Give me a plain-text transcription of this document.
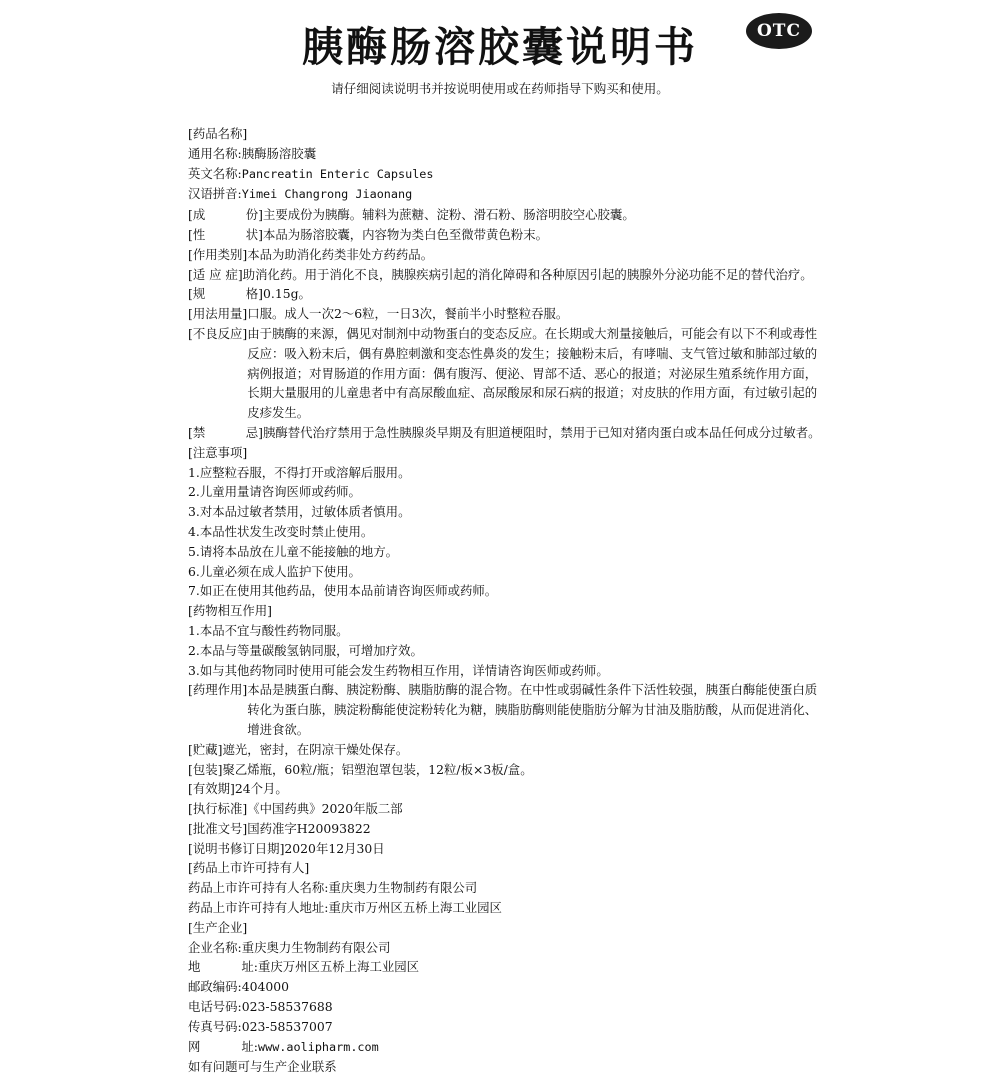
胰酶肠溶胶囊说明书	OTC

请仔细阅读说明书并按说明使用或在药师指导下购买和使用。

[药品名称]
通用名称:胰酶肠溶胶囊
英文名称:Pancreatin Enteric Capsules
汉语拼音:Yimei Changrong Jiaonang
[成	份] 主要成份为胰酶。辅料为蔗糖、淀粉、滑石粉、肠溶明胶空心胶囊。
[性	状] 本品为肠溶胶囊，内容物为类白色至微带黄色粉末。
[作用类别] 本品为助消化药类非处方药药品。
[适 应 症] 助消化药。用于消化不良，胰腺疾病引起的消化障碍和各种原因引起的胰腺外分泌功能不足的替代治疗。
[规	格] 0.15g。
[用法用量] 口服。成人一次2～6粒，一日3次，餐前半小时整粒吞服。
[不良反应] 由于胰酶的来源，偶见对制剂中动物蛋白的变态反应。在长期或大剂量接触后，可能会有以下不利或毒性反应：吸入粉末后，偶有鼻腔刺激和变态性鼻炎的发生；接触粉末后，有哮喘、支气管过敏和肺部过敏的病例报道；对胃肠道的作用方面：偶有腹泻、便泌、胃部不适、恶心的报道；对泌尿生殖系统作用方面，长期大量服用的儿童患者中有高尿酸血症、高尿酸尿和尿石病的报道；对皮肤的作用方面，有过敏引起的皮疹发生。
[禁	忌] 胰酶替代治疗禁用于急性胰腺炎早期及有胆道梗阻时，禁用于已知对猪肉蛋白或本品任何成分过敏者。
[注意事项]
1.应整粒吞服，不得打开或溶解后服用。
2.儿童用量请咨询医师或药师。
3.对本品过敏者禁用，过敏体质者慎用。
4.本品性状发生改变时禁止使用。
5.请将本品放在儿童不能接触的地方。
6.儿童必须在成人监护下使用。
7.如正在使用其他药品，使用本品前请咨询医师或药师。
[药物相互作用]
1.本品不宜与酸性药物同服。
2.本品与等量碳酸氢钠同服，可增加疗效。
3.如与其他药物同时使用可能会发生药物相互作用，详情请咨询医师或药师。
[药理作用] 本品是胰蛋白酶、胰淀粉酶、胰脂肪酶的混合物。在中性或弱碱性条件下活性较强，胰蛋白酶能使蛋白质转化为蛋白胨，胰淀粉酶能使淀粉转化为糖，胰脂肪酶则能使脂肪分解为甘油及脂肪酸，从而促进消化、增进食欲。
[贮藏]遮光，密封，在阴凉干燥处保存。
[包装]聚乙烯瓶，60粒/瓶；铝塑泡罩包装，12粒/板×3板/盒。
[有效期]24个月。
[执行标准]《中国药典》2020年版二部
[批准文号]国药准字H20093822
[说明书修订日期]2020年12月30日
[药品上市许可持有人]
药品上市许可持有人名称:重庆奥力生物制药有限公司
药品上市许可持有人地址:重庆市万州区五桥上海工业园区
[生产企业]
企业名称:重庆奥力生物制药有限公司
地	址: 重庆万州区五桥上海工业园区
邮政编码:404000
电话号码:023-58537688
传真号码:023-58537007
网	址: www.aolipharm.com
如有问题可与生产企业联系
